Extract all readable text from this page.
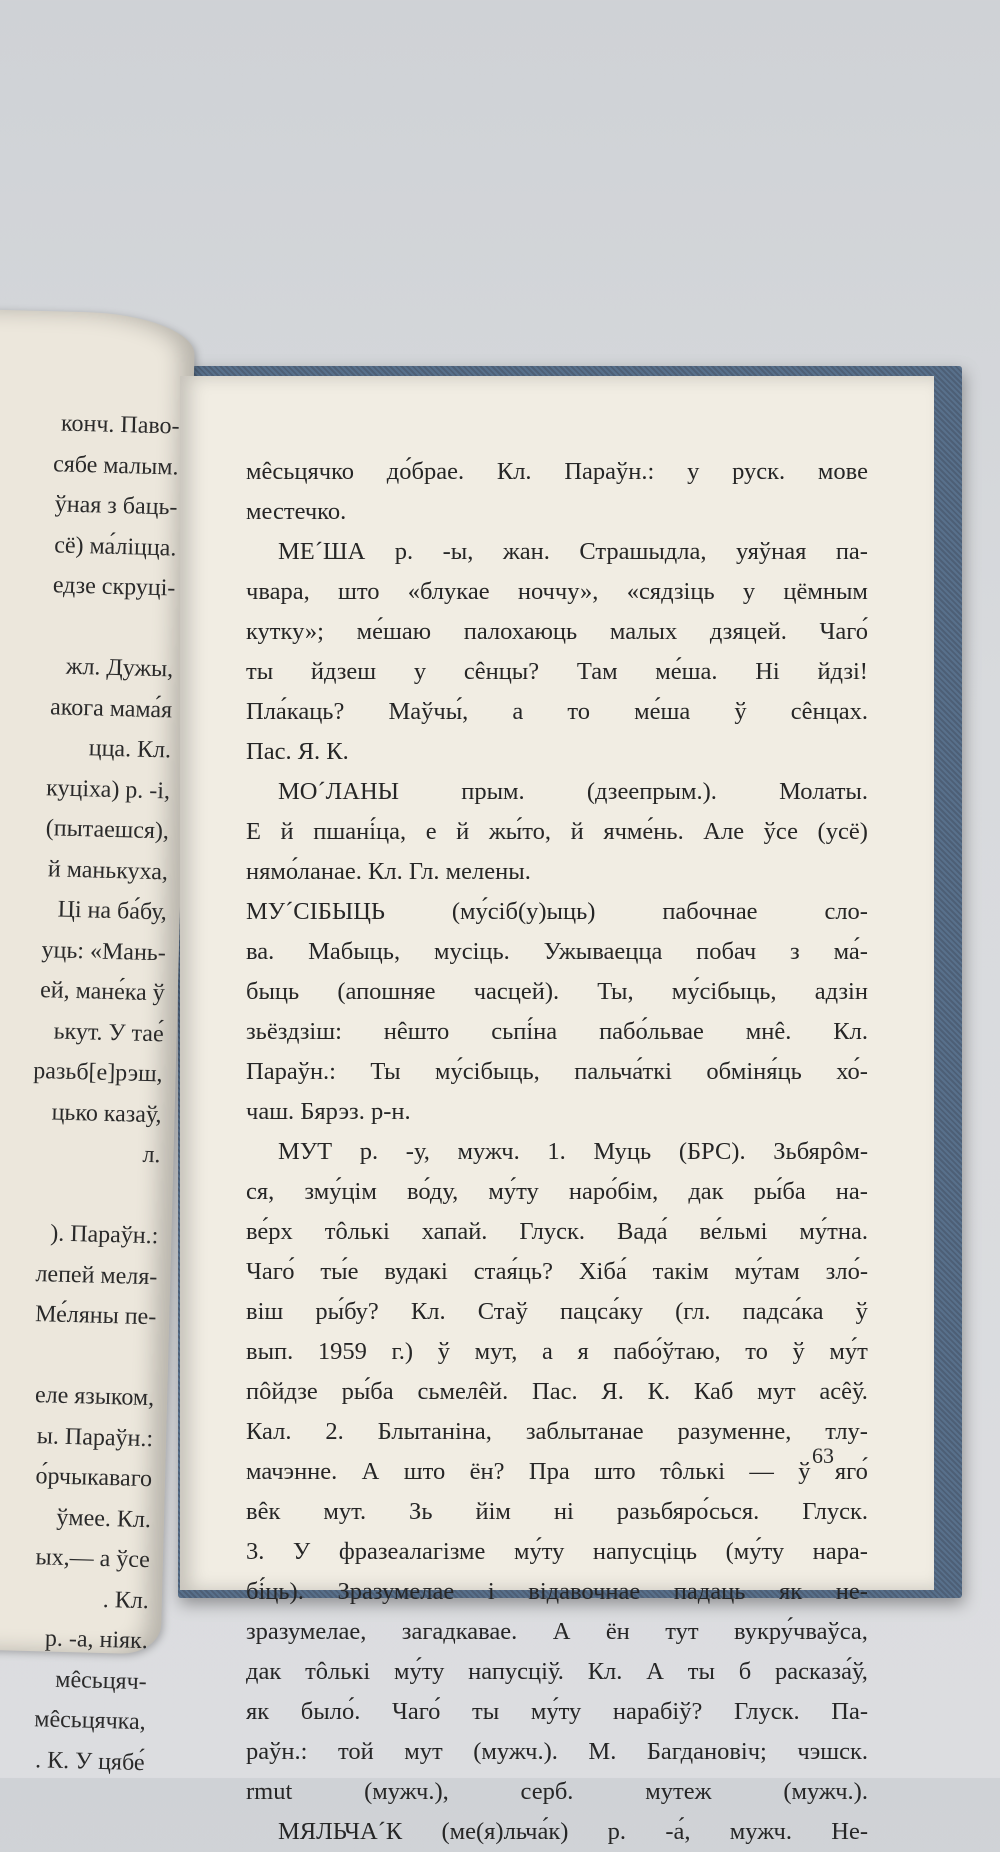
конч. Паво-
сябе малым.
ўная з баць-
сё) ма́ліцца.
едзе скруці-

жл. Дужы,
акога мама́я
цца. Кл.
куціха) р. -і,
(пытаешся),
й манькуха,
Ці на ба́бу,
уць: «Мань-
ей, мане́ка ў
ькут. У тае́
разьб[е]рэш,
цько казаў,
л.

). Параўн.:
лепей меля-
Ме́ляны пе-

еле языком,
ы. Параўн.:
о́рчыкаваго
ўмее. Кл.
ых,— а ўсе
. Кл.
р. -а, ніяк.
мêсьцяч-
мêсьцячка,
. К. У цябе́
мêсьцячко до́брае. Кл. Параўн.: у руск. мове
местечко.
МЕ´ША р. -ы, жан. Страшыдла, уяўная па-
чвара, што «блукае ноччу», «сядзіць у цёмным
кутку»; ме́шаю палохаюць малых дзяцей. Чаго́
ты йдзеш у сêнцы? Там ме́ша. Ні йдзі!
Пла́каць? Маўчы́, а то ме́ша ў сêнцах.
Пас. Я. К.
МО´ЛАНЫ	прым.	(дзеепрым.).	Молаты.
Е й пшані́ца, е й жы́то, й ячме́нь. Але ўсе (усё)
нямо́ланае. Кл. Гл. мелены.
МУ´СІБЫЦЬ	(му́сіб(у)ыць)	пабочнае	сло-
ва. Мабыць, мусіць. Ужываецца побач з ма́-
быць (апошняе часцей). Ты, му́сібыць, адзін
зьёздзіш: нêшто сьпі́на пабо́львае мнê. Кл.
Параўн.: Ты му́сібыць, пальча́ткі обміня́ць хо́-
чаш. Бярэз. р-н.
МУТ р. -у, мужч. 1. Муць (БРС). Зьбярôм-
ся, зму́цім во́ду, му́ту наро́бім, дак ры́ба на-
ве́рх тôлькі хапай. Глуск. Вада́ ве́льмі му́тна.
Чаго́ ты́е вудакі стая́ць? Хіба́ такім му́там зло́-
віш ры́бу? Кл. Стаў пацса́ку (гл. падса́ка ў
вып. 1959 г.) ў мут, а я пабо́ўтаю, то ў му́т
пôйдзе ры́ба сьмелêй. Пас. Я. К. Каб мут асêў.
Кал. 2. Блытаніна, заблытанае разуменне, тлу-
мачэнне. А што ён? Пра што тôлькі — ў яго́
вêк мут. Зь йім ні разьбяро́сься. Глуск.
3. У фразеалагізме му́ту напусціць (му́ту нара-
бі́ць). Зразумелае і відавочнае падаць як не-
зразумелае, загадкавае. А ён тут вукру́чваўса,
дак тôлькі му́ту напусціў. Кл. А ты б расказа́ў,
як было́. Чаго́ ты му́ту нарабіў? Глуск. Па-
раўн.: той мут (мужч.). М. Багдановіч; чэшск.
rmut	(мужч.),	серб.	мутеж	(мужч.).
МЯЛЬЧА´К (ме(я)льча́к) р. -а́, мужч. Не-
63
